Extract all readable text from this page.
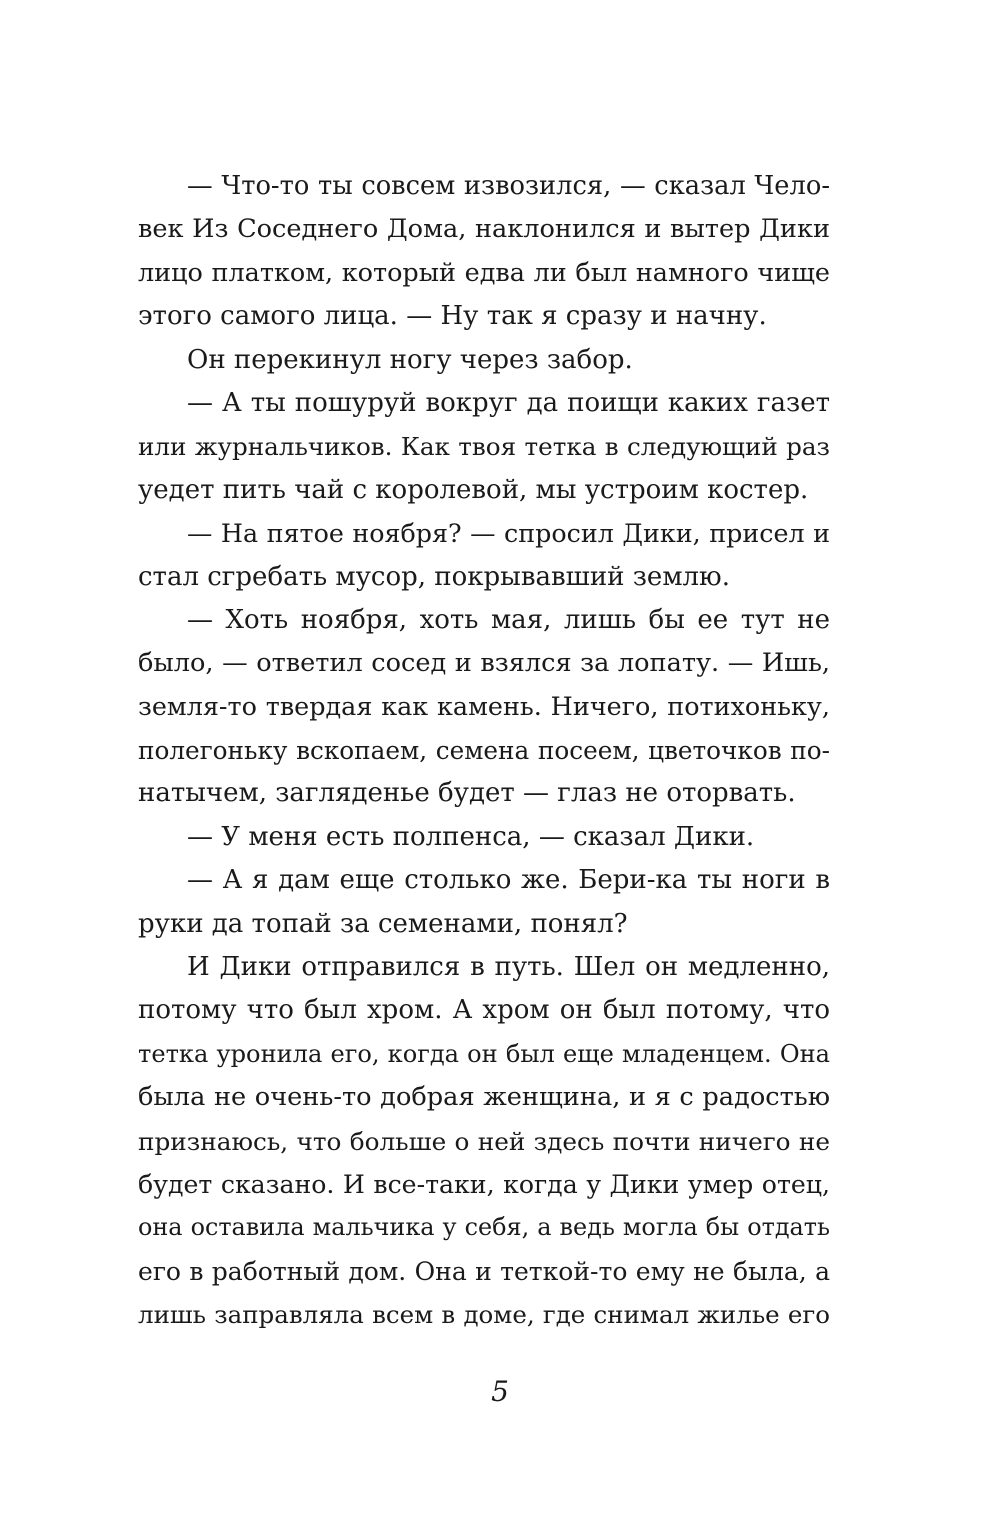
— Что-то ты совсем извозился, — сказал Чело-
век Из Соседнего Дома, наклонился и вытер Дики
лицо платком, который едва ли был намного чище
этого самого лица. — Ну так я сразу и начну.
Он перекинул ногу через забор.
— А ты пошуруй вокруг да поищи каких газет
или журнальчиков. Как твоя тетка в следующий раз
уедет пить чай с королевой, мы устроим костер.
— На пятое ноября? — спросил Дики, присел и
стал сгребать мусор, покрывавший землю.
— Хоть ноября, хоть мая, лишь бы ее тут не
было, — ответил сосед и взялся за лопату. — Ишь,
земля-то твердая как камень. Ничего, потихоньку,
полегоньку вскопаем, семена посеем, цветочков по-
натычем, загляденье будет — глаз не оторвать.
— У меня есть полпенса, — сказал Дики.
— А я дам еще столько же. Бери-ка ты ноги в
руки да топай за семенами, понял?
И Дики отправился в путь. Шел он медленно,
потому что был хром. А хром он был потому, что
тетка уронила его, когда он был еще младенцем. Она
была не очень-то добрая женщина, и я с радостью
признаюсь, что больше о ней здесь почти ничего не
будет сказано. И все-таки, когда у Дики умер отец,
она оставила мальчика у себя, а ведь могла бы отдать
его в работный дом. Она и теткой-то ему не была, а
лишь заправляла всем в доме, где снимал жилье его
5
